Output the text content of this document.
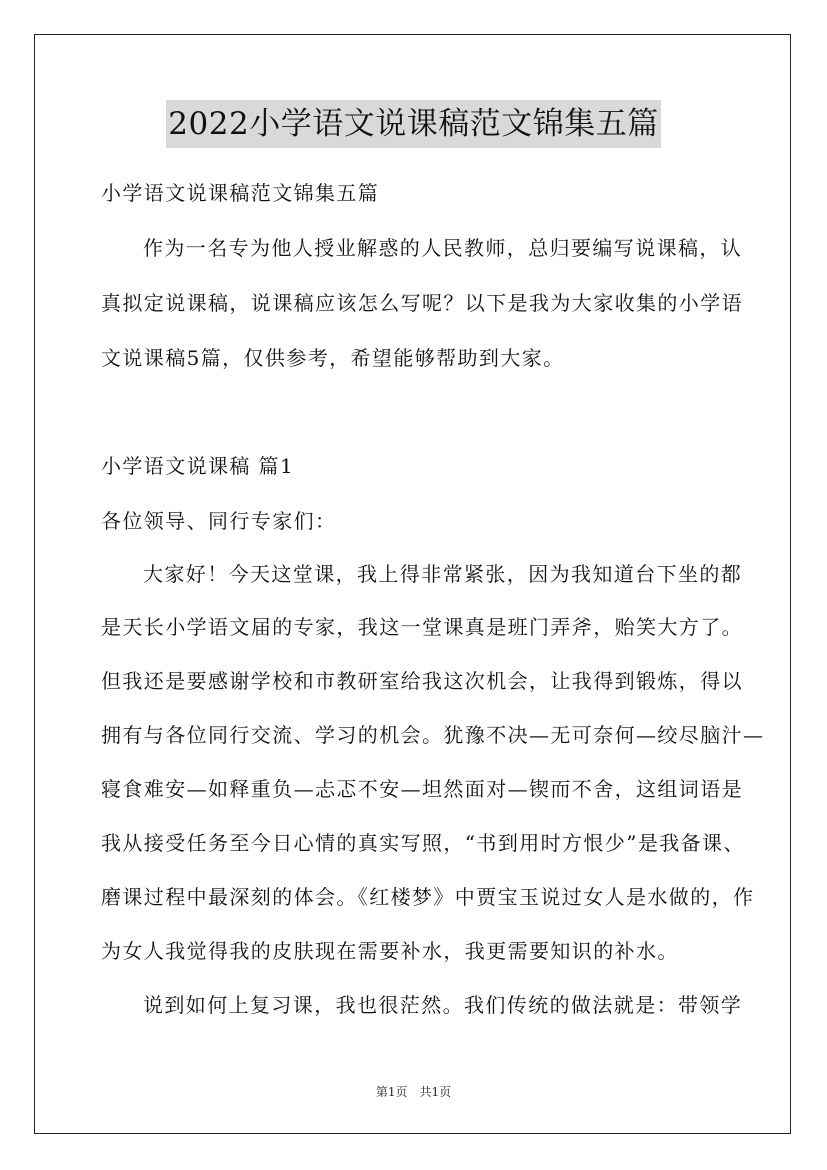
2022小学语文说课稿范文锦集五篇
小学语文说课稿范文锦集五篇
作为一名专为他人授业解惑的人民教师，总归要编写说课稿，认
真拟定说课稿，说课稿应该怎么写呢？以下是我为大家收集的小学语
文说课稿5篇，仅供参考，希望能够帮助到大家。
小学语文说课稿 篇1
各位领导、同行专家们：
大家好！今天这堂课，我上得非常紧张，因为我知道台下坐的都
是天长小学语文届的专家，我这一堂课真是班门弄斧，贻笑大方了。
但我还是要感谢学校和市教研室给我这次机会，让我得到锻炼，得以
拥有与各位同行交流、学习的机会。犹豫不决—无可奈何—绞尽脑汁—
寝食难安—如释重负—忐忑不安—坦然面对—锲而不舍，这组词语是
我从接受任务至今日心情的真实写照，“书到用时方恨少”是我备课、
磨课过程中最深刻的体会。《红楼梦》中贾宝玉说过女人是水做的，作
为女人我觉得我的皮肤现在需要补水，我更需要知识的补水。
说到如何上复习课，我也很茫然。我们传统的做法就是：带领学
第1页　共1页
